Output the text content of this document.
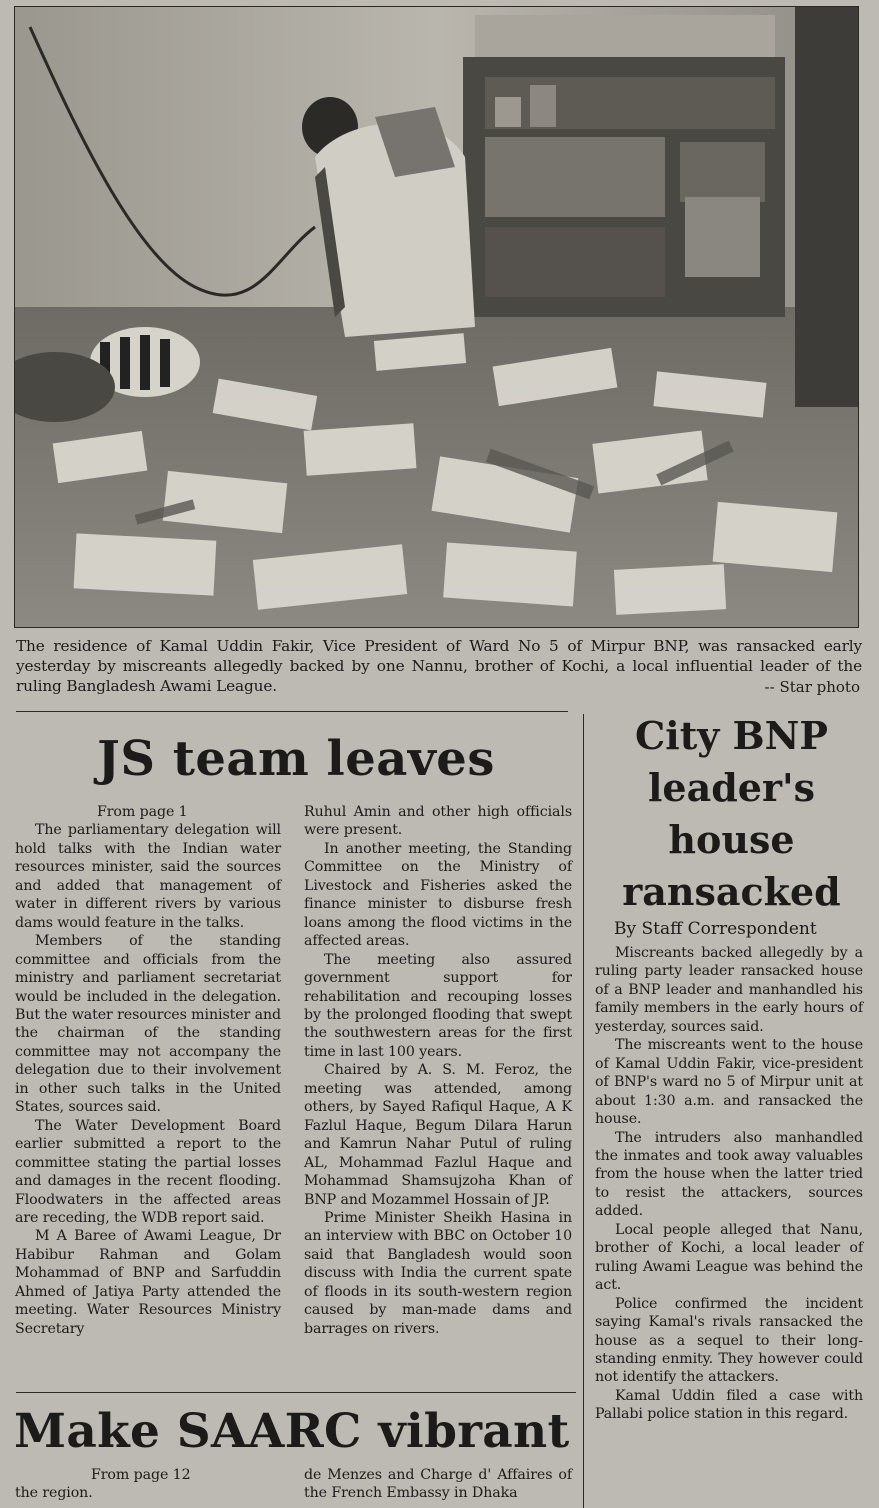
The residence of Kamal Uddin Fakir, Vice President of Ward No 5 of Mirpur BNP, was ransacked early yesterday by miscreants allegedly backed by one Nannu, brother of Kochi, a local influential leader of the ruling Bangladesh Awami League.	-- Star photo
JS team leaves

From page 1

The parliamentary delegation will hold talks with the Indian water resources minister, said the sources and added that management of water in different rivers by various dams would feature in the talks.

Members of the standing committee and officials from the ministry and parliament secretariat would be included in the delegation. But the water resources minister and the chairman of the standing committee may not accompany the delegation due to their involvement in other such talks in the United States, sources said.

The Water Development Board earlier submitted a report to the committee stating the partial losses and damages in the recent flooding. Floodwaters in the affected areas are receding, the WDB report said.

M A Baree of Awami League, Dr Habibur Rahman and Golam Mohammad of BNP and Sarfuddin Ahmed of Jatiya Party attended the meeting. Water Resources Ministry Secretary

Ruhul Amin and other high officials were present.

In another meeting, the Standing Committee on the Ministry of Livestock and Fisheries asked the finance minister to disburse fresh loans among the flood victims in the affected areas.

The meeting also assured government support for rehabilitation and recouping losses by the prolonged flooding that swept the southwestern areas for the first time in last 100 years.

Chaired by A. S. M. Feroz, the meeting was attended, among others, by Sayed Rafiqul Haque, A K Fazlul Haque, Begum Dilara Harun and Kamrun Nahar Putul of ruling AL, Mohammad Fazlul Haque and Mohammad Shamsujzoha Khan of BNP and Mozammel Hossain of JP.

Prime Minister Sheikh Hasina in an interview with BBC on October 10 said that Bangladesh would soon discuss with India the current spate of floods in its south-western region caused by man-made dams and barrages on rivers.

City BNP leader's house ransacked
By Staff Correspondent

Miscreants backed allegedly by a ruling party leader ransacked house of a BNP leader and manhandled his family members in the early hours of yesterday, sources said.

The miscreants went to the house of Kamal Uddin Fakir, vice-president of BNP's ward no 5 of Mirpur unit at about 1:30 a.m. and ransacked the house.

The intruders also manhandled the inmates and took away valuables from the house when the latter tried to resist the attackers, sources added.

Local people alleged that Nanu, brother of Kochi, a local leader of ruling Awami League was behind the act.

Police confirmed the incident saying Kamal's rivals ransacked the house as a sequel to their long-standing enmity. They however could not identify the attackers.

Kamal Uddin filed a case with Pallabi police station in this regard.

Make SAARC vibrant

From page 12

the region.

de Menzes and Charge d' Affaires of the French Embassy in Dhaka
